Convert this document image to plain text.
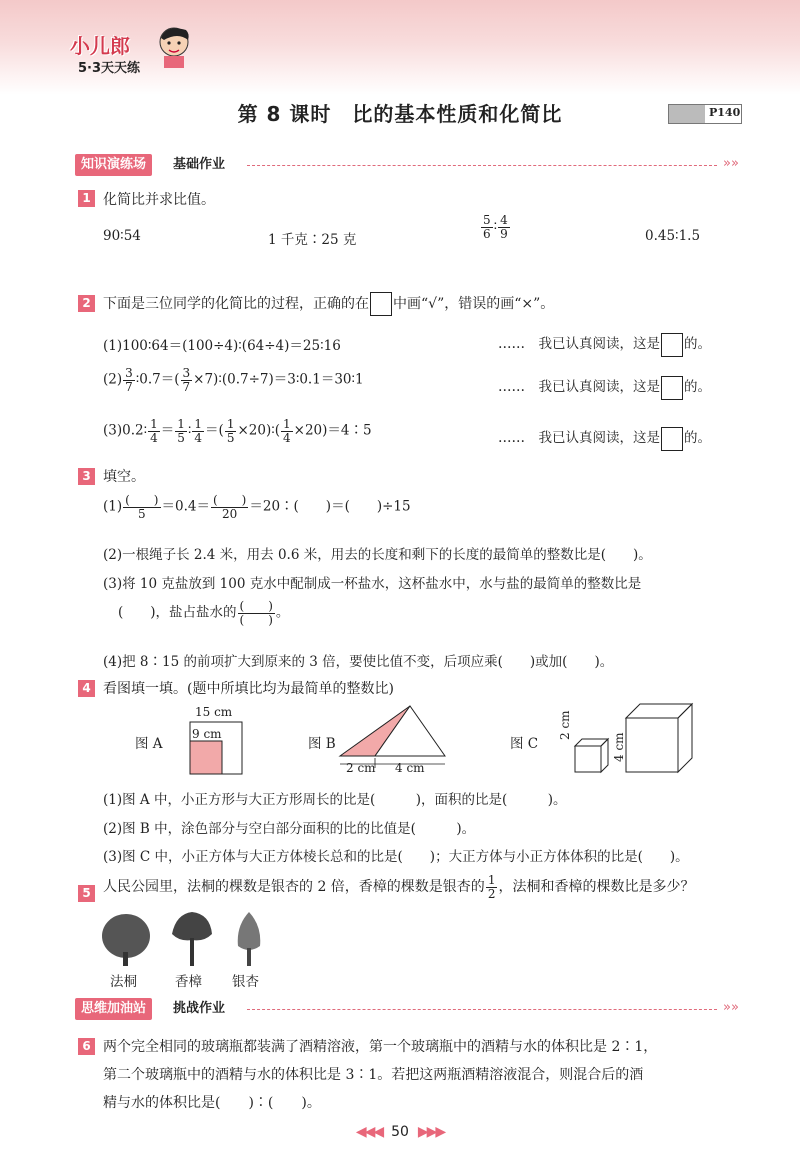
小儿郎
5·3天天练
第 8 课时　比的基本性质和化简比	P140
知识演练场	基础作业	»»
1 化简比并求比值。
90∶54	1 千克∶25 克	$\frac{5}{6}$ ∶ $\frac{4}{9}$	0.45∶1.5
2 下面是三位同学的化简比的过程，正确的在 中画“√”，错误的画“×”。
(1)100∶64＝(100÷4)∶(64÷4)＝25∶16
$(2) \frac{3}{7}$ ∶0.7＝( $\frac{3}{7}$ ×7)∶(0.7÷7)＝3∶0.1＝30∶1
(3)0.2∶ $\frac{1}{4} = \frac{1}{5}$ ∶ $\frac{1}{4}$ ＝( $\frac{1}{5}$ ×20)∶( $\frac{1}{4}$ ×20)＝4∶5
……　 我已认真阅读，这是 的。
……　 我已认真阅读，这是 的。
……　 我已认真阅读，这是 的。
3 填空。
$(1) \frac{( )}{5} =0.4= \frac{( )}{20}$ ＝20∶(　　)＝(　　)÷15
(2)一根绳子长 2.4 米，用去 0.6 米，用去的长度和剩下的长度的最简单的整数比是(　　)。
(3)将 10 克盐放到 100 克水中配制成一杯盐水，这杯盐水中，水与盐的最简单的整数比是
(　　)，盐占盐水的 $\frac{( )}{( )}$ 。
(4)把 8∶15 的前项扩大到原来的 3 倍，要使比值不变，后项应乘(　　)或加(　　)。
4 看图填一填。(题中所填比均为最简单的整数比)
图 A
15 cm
9 cm
图 B
2 cm 4 cm
图 C
2 cm
4 cm
(1)图 A 中，小正方形与大正方形周长的比是(　　　)，面积的比是(　　　)。
(2)图 B 中，涂色部分与空白部分面积的比的比值是(　　　)。
(3)图 C 中，小正方体与大正方体棱长总和的比是(　　)；大正方体与小正方体体积的比是(　　)。
5 人民公园里，法桐的棵数是银杏的 2 倍，香樟的棵数是银杏的 $\frac{1}{2}$ ，法桐和香樟的棵数比是多少？
法桐	香樟 银杏
思维加油站	挑战作业	»»
6 两个完全相同的玻璃瓶都装满了酒精溶液，第一个玻璃瓶中的酒精与水的体积比是 2∶1，
第二个玻璃瓶中的酒精与水的体积比是 3∶1。若把这两瓶酒精溶液混合，则混合后的酒
精与水的体积比是(　　)∶(　　)。
◀◀◀ 50 ▶▶▶
